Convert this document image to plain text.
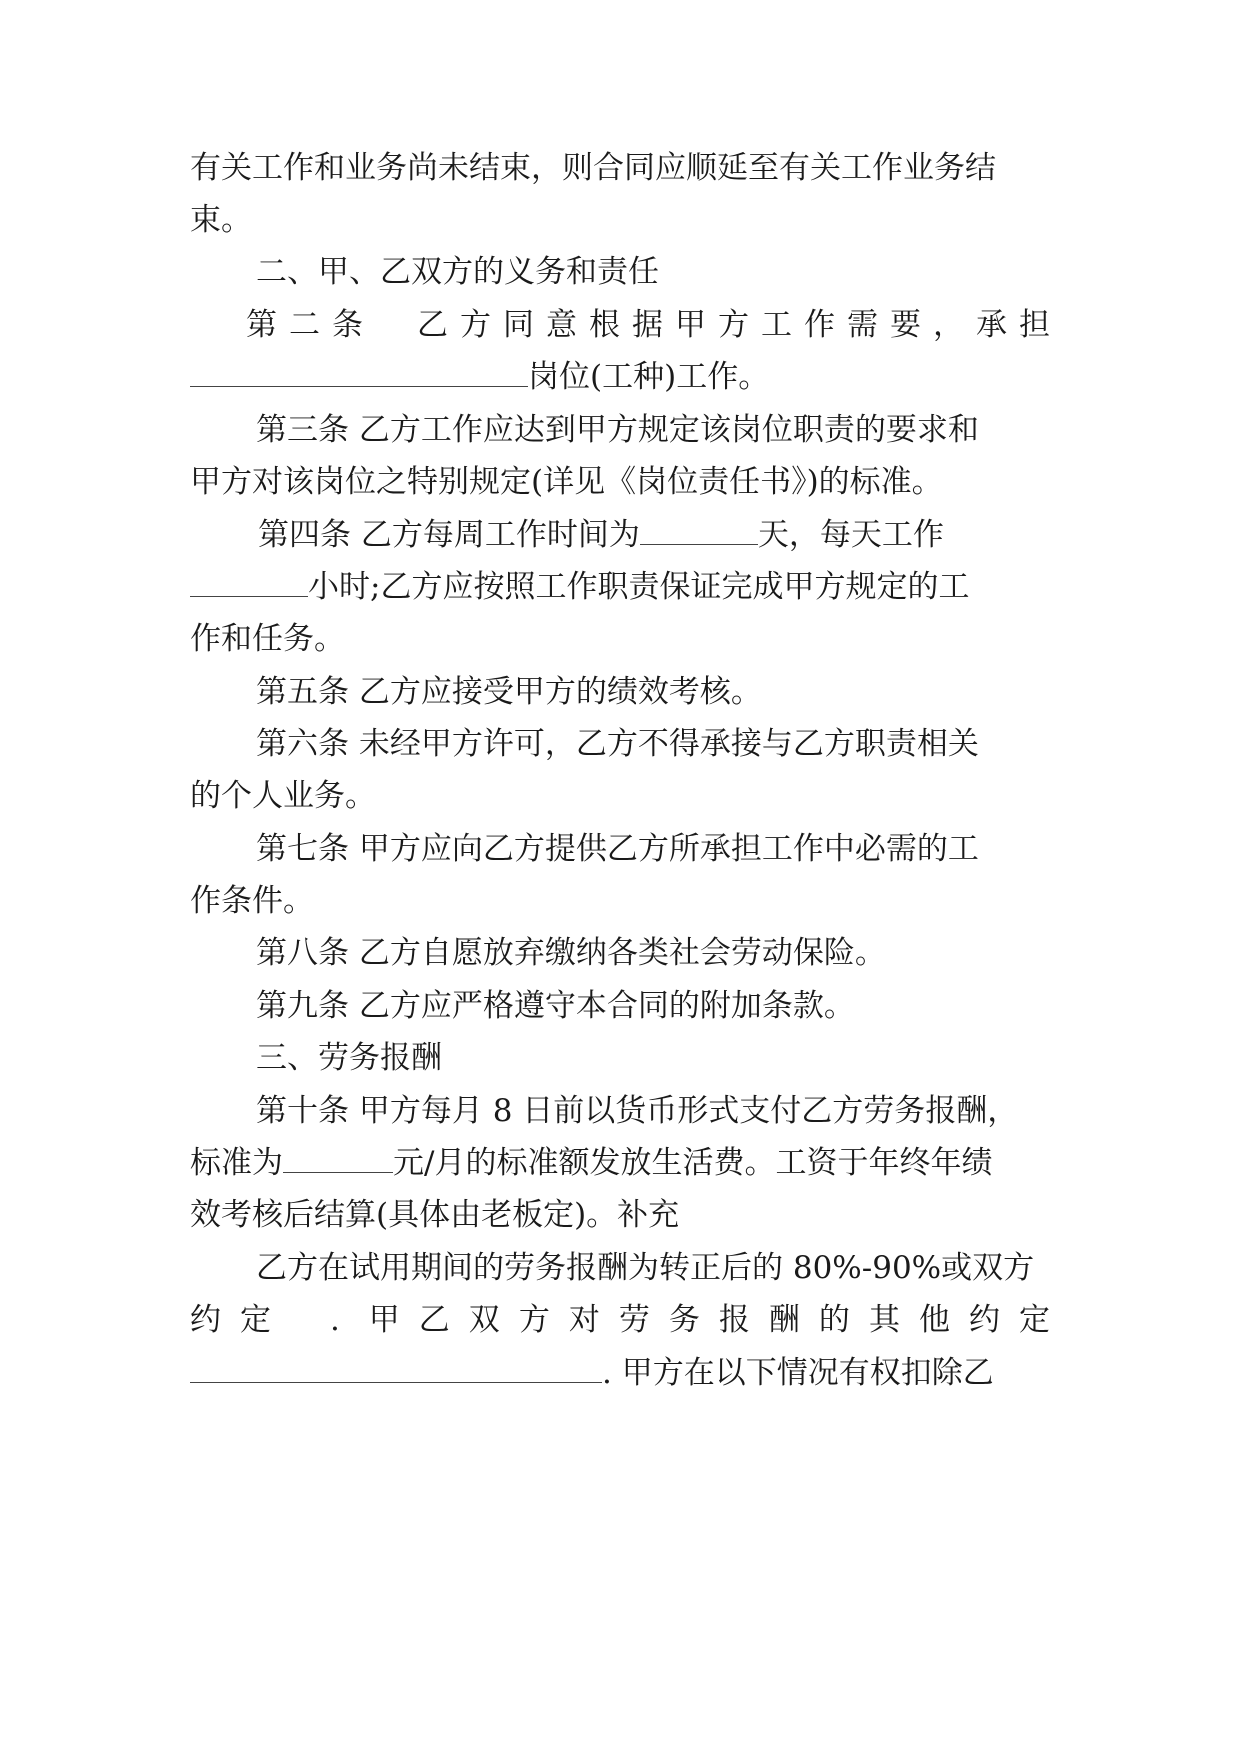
有关工作和业务尚未结束，则合同应顺延至有关工作业务结
束。
二、甲、乙双方的义务和责任
第二条 乙方同意根据甲方工作需要，承担
岗位(工种)工作。
第三条 乙方工作应达到甲方规定该岗位职责的要求和
甲方对该岗位之特别规定(详见《岗位责任书》)的标准。
第四条 乙方每周工作时间为	天，每天工作
小时;乙方应按照工作职责保证完成甲方规定的工
作和任务。
第五条 乙方应接受甲方的绩效考核。
第六条 未经甲方许可，乙方不得承接与乙方职责相关
的个人业务。
第七条 甲方应向乙方提供乙方所承担工作中必需的工
作条件。
第八条 乙方自愿放弃缴纳各类社会劳动保险。
第九条 乙方应严格遵守本合同的附加条款。
三、劳务报酬
第十条 甲方每月 8 日前以货币形式支付乙方劳务报酬，
标准为	元/月的标准额发放生活费。工资于年终年绩
效考核后结算(具体由老板定)。补充
乙方在试用期间的劳务报酬为转正后的 80%-90%或双方
约定 . 甲乙双方对劳务报酬的其他约定
. 甲方在以下情况有权扣除乙
